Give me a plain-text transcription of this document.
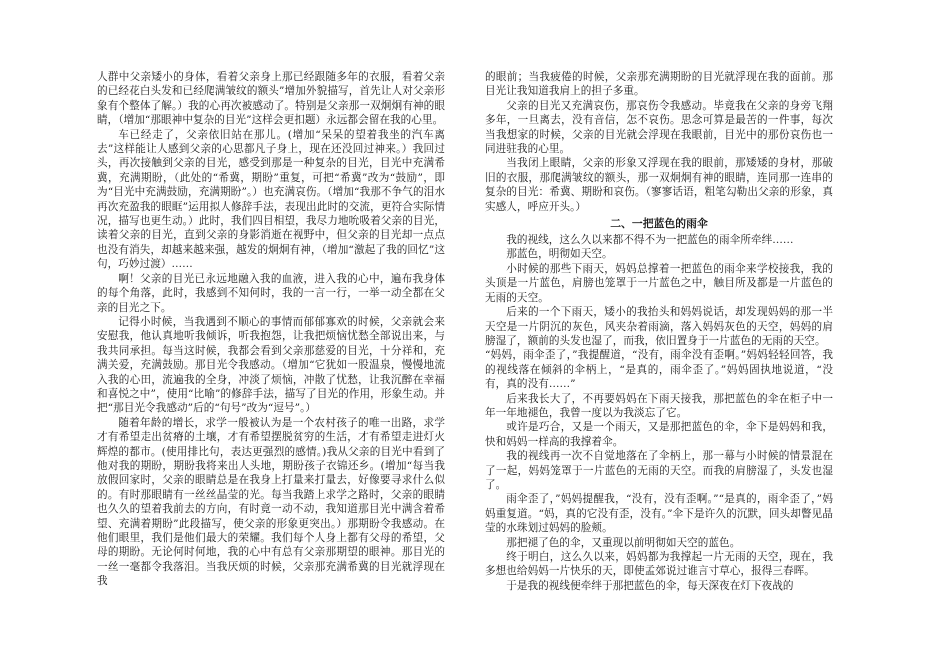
人群中父亲矮小的身体，看着父亲身上那已经跟随多年的衣服，看着父亲的已经花白头发和已经爬满皱纹的额头”增加外貌描写，首先让人对父亲形象有个整体了解。）我的心再次被感动了。特别是父亲那一双炯炯有神的眼睛，（增加“那眼神中复杂的目光”这样会更扣题）永远都会留在我的心里。

车已经走了，父亲依旧站在那儿。(增加“呆呆的望着我坐的汽车离去”这样能让人感到父亲的心思都凡子身上，现在还没回过神来。）我回过头，再次接触到父亲的目光，感受到那是一种复杂的目光，目光中充满希冀，充满期盼，（此处的“希冀，期盼”重复，可把“希冀”改为“鼓励”，即为“目光中充满鼓励，充满期盼”。）也充满哀伤。（增加“我那不争气的泪水再次充盈我的眼眶”运用拟人修辞手法，表现出此时的交流，更符合实际情况，描写也更生动。）此时，我们四目相望，我尽力地吮吸着父亲的目光，读着父亲的目光，直到父亲的身影消逝在视野中，但父亲的目光却一点点也没有消失，却越来越来强，越发的炯炯有神，（增加“激起了我的回忆”这句，巧妙过渡）……

啊！父亲的目光已永远地融入我的血液，进入我的心中，遍布我身体的每个角落，此时，我感到不知何时，我的一言一行，一举一动全都在父亲的目光之下。

记得小时候，当我遇到不顺心的事情而郁郁寡欢的时候，父亲就会来安慰我，他认真地听我倾诉，听我抱怨，让我把烦恼忧愁全部说出来，与我共同承担。每当这时候，我都会看到父亲那慈爱的目光，十分祥和，充满关爱，充满鼓励。那目光令我感动。（增加“它犹如一股温泉，慢慢地流入我的心田，流遍我的全身，冲淡了烦恼，冲散了忧愁，让我沉醉在幸福和喜悦之中”，使用“比喻”的修辞手法，描写了目光的作用，形象生动。并把“那目光令我感动”后的“句号”改为“逗号”。）

随着年龄的增长，求学一般被认为是一个农村孩子的唯一出路，求学才有希望走出贫瘠的土壤，才有希望摆脱贫穷的生活，才有希望走进灯火辉煌的都市。(使用排比句，表达更强烈的感情。)我从父亲的目光中看到了他对我的期盼，期盼我将来出人头地，期盼孩子衣锦还乡。(增加“每当我放假回家时，父亲的眼睛总是在我身上打量来打量去，好像要寻求什么似的。有时那眼睛有一丝丝晶莹的光。每当我踏上求学之路时，父亲的眼睛也久久的望着我前去的方向，有时竟一动不动，我知道那目光中满含着希望、充满着期盼”此段描写，使父亲的形象更突出。）那期盼令我感动。在他们眼里，我们是他们最大的荣耀。我们每个人身上都有父母的希望，父母的期盼。无论何时何地，我的心中有总有父亲那期望的眼神。那目光的一丝一毫都令我落泪。当我厌烦的时候，父亲那充满希冀的目光就浮现在我

的眼前；当我疲倦的时候，父亲那充满期盼的目光就浮现在我的面前。那目光让我知道我肩上的担子多重。

父亲的目光又充满哀伤，那哀伤令我感动。毕竟我在父亲的身旁飞翔多年，一旦离去，没有音信，怎不哀伤。思念可算是最苦的一件事，每次当我想家的时候，父亲的目光就会浮现在我眼前，目光中的那份哀伤也一同进驻我的心里。

当我闭上眼睛，父亲的形象又浮现在我的眼前，那矮矮的身材，那破旧的衣服，那爬满皱纹的额头，那一双炯炯有神的眼睛，连同那一连串的复杂的目光：希冀、期盼和哀伤。（寥寥话语，粗笔勾勒出父亲的形象，真实感人，呼应开头。）

二、一把蓝色的雨伞

我的视线，这么久以来都不得不为一把蓝色的雨伞所牵绊……

那蓝色，明彻如天空。

小时候的那些下雨天，妈妈总撑着一把蓝色的雨伞来学校接我，我的头顶是一片蓝色，肩膀也笼罩于一片蓝色之中，触目所及都是一片蓝色的无雨的天空。

后来的一个下雨天，矮小的我抬头和妈妈说话，却发现妈妈的那一半天空是一片阴沉的灰色，风夹杂着雨滴，落入妈妈灰色的天空，妈妈的肩膀湿了，额前的头发也湿了，而我，依旧置身于一片蓝色的无雨的天空。

“妈妈，雨伞歪了，”我提醒道，“没有，雨伞没有歪啊。”妈妈轻轻回答，我的视线落在倾斜的伞柄上，“是真的，雨伞歪了。”妈妈固执地说道，“没有，真的没有……”

后来我长大了，不再要妈妈在下雨天接我，那把蓝色的伞在柜子中一年一年地褪色，我曾一度以为我淡忘了它。

或许是巧合，又是一个雨天，又是那把蓝色的伞，伞下是妈妈和我，快和妈妈一样高的我撑着伞。

我的视线再一次不自觉地落在了伞柄上，那一幕与小时候的情景混在了一起，妈妈笼罩于一片蓝色的无雨的天空。而我的肩膀湿了，头发也湿了。

雨伞歪了，”妈妈提醒我，“没有，没有歪啊。”“是真的，雨伞歪了，”妈妈重复道。“妈，真的它没有歪，没有。”伞下是许久的沉默，回头却瞥见晶莹的水珠划过妈妈的脸颊。

那把褪了色的伞，又重现以前明彻如天空的蓝色。

终于明白，这么久以来，妈妈都为我撑起一片无雨的天空，现在，我多想也给妈妈一片快乐的天，即使孟郊说过谁言寸草心，报得三春晖。

于是我的视线便牵绊于那把蓝色的伞，每天深夜在灯下夜战的
